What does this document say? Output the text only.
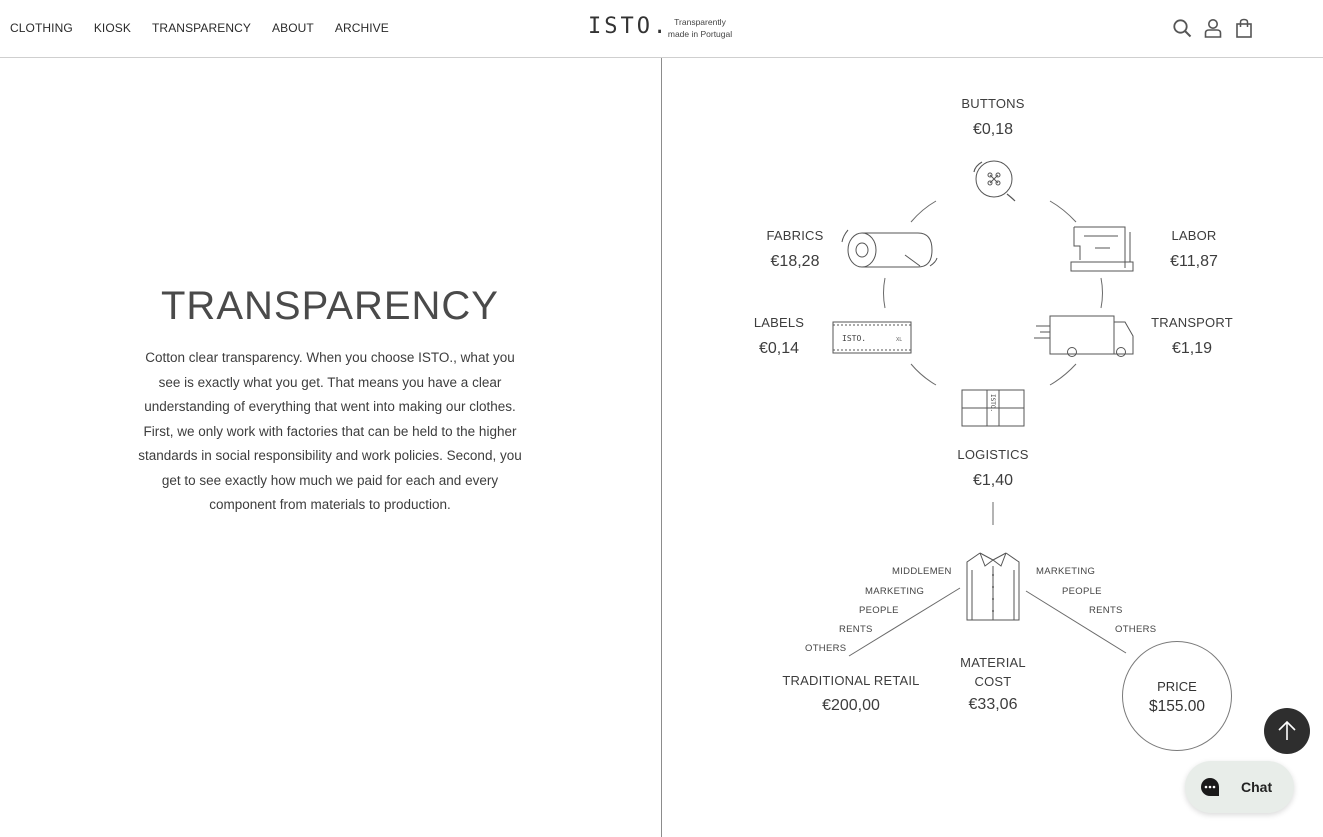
CLOTHING KIOSK TRANSPARENCY ABOUT ARCHIVE	ISTO. Transparently
made in Portugal
TRANSPARENCY

Cotton clear transparency. When you choose ISTO., what you see is exactly what you get. That means you have a clear understanding of everything that went into making our clothes. First, we only work with factories that can be held to the higher standards in social responsibility and work policies. Second, you get to see exactly how much we paid for each and every component from materials to production.

ISTO.	XL
ISTO.
BUTTONS
€0,18
FABRICS
€18,28
LABOR
€11,87
LABELS
€0,14
TRANSPORT
€1,19
LOGISTICS
€1,40
MATERIAL
COST
€33,06
TRADITIONAL RETAIL
€200,00
MIDDLEMEN
MARKETING
PEOPLE
RENTS
OTHERS
MARKETING
PEOPLE
RENTS
OTHERS
PRICE
$155.00
Chat
